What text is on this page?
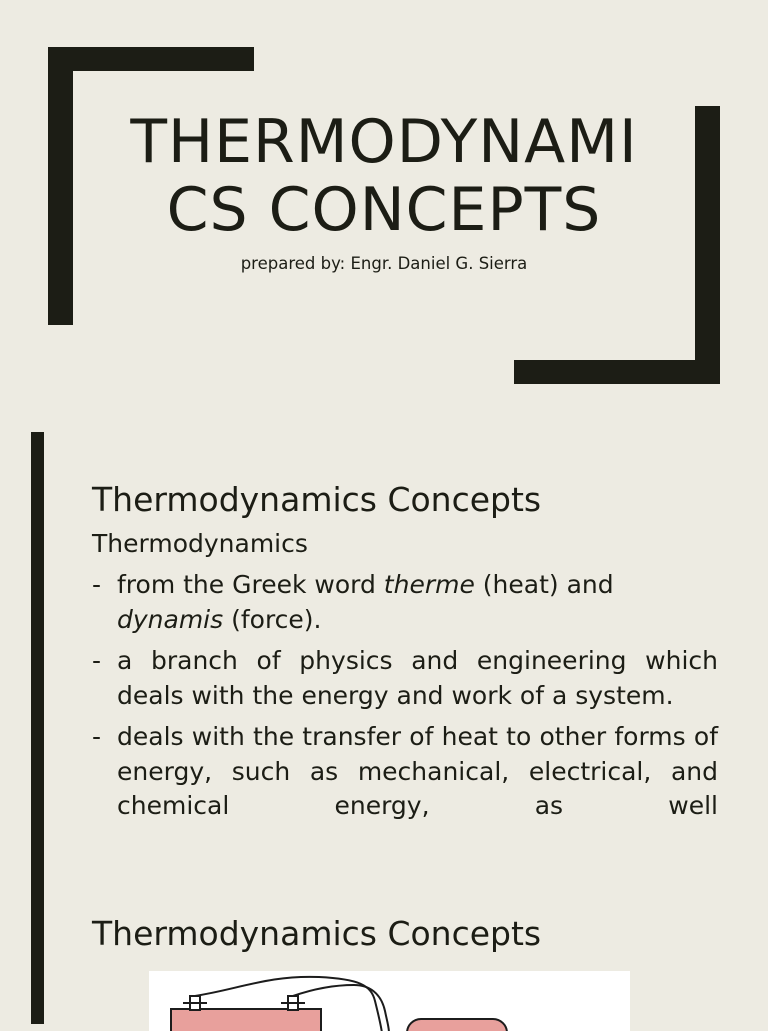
THERMODYNAMICS CONCEPTS
prepared by: Engr. Daniel G. Sierra
Thermodynamics Concepts
Thermodynamics
- from the Greek word therme (heat) and
dynamis (force).
- a branch of physics and engineering which deals with the energy and work of a system.
- deals with the transfer of heat to other forms of energy, such as mechanical, electrical, and chemical energy, as well
Thermodynamics Concepts
